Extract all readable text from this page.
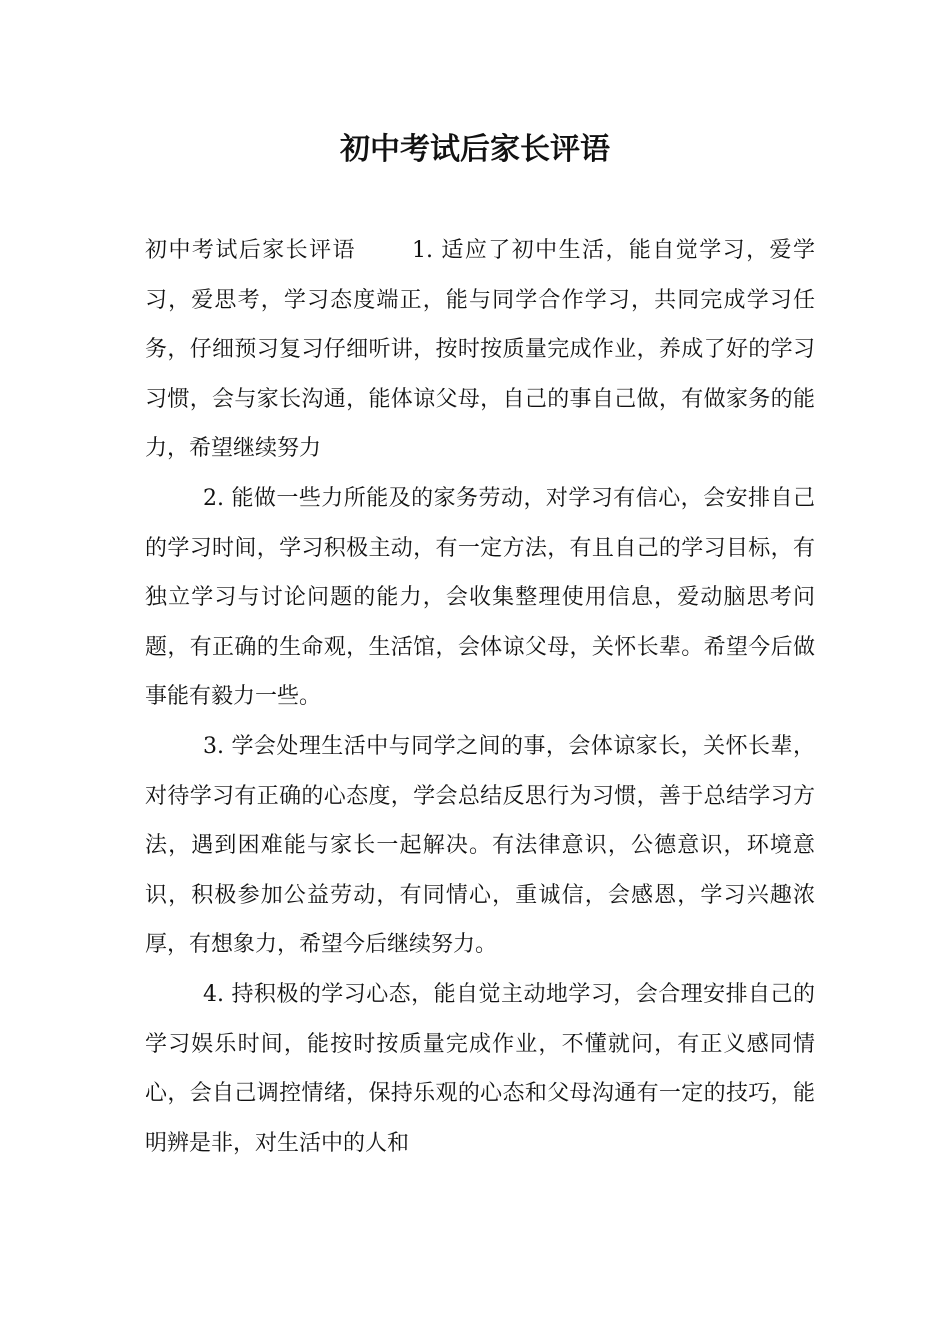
初中考试后家长评语

初中考试后家长评语	1. 适应了初中生活，能自觉学习，爱学习，爱思考，学习态度端正，能与同学合作学习，共同完成学习任务，仔细预习复习仔细听讲，按时按质量完成作业，养成了好的学习习惯，会与家长沟通，能体谅父母，自己的事自己做，有做家务的能力，希望继续努力

2. 能做一些力所能及的家务劳动，对学习有信心，会安排自己的学习时间，学习积极主动，有一定方法，有且自己的学习目标，有独立学习与讨论问题的能力，会收集整理使用信息，爱动脑思考问题，有正确的生命观，生活馆，会体谅父母，关怀长辈。希望今后做事能有毅力一些。

3. 学会处理生活中与同学之间的事，会体谅家长，关怀长辈，对待学习有正确的心态度，学会总结反思行为习惯，善于总结学习方法，遇到困难能与家长一起解决。有法律意识，公德意识，环境意识，积极参加公益劳动，有同情心，重诚信，会感恩，学习兴趣浓厚，有想象力，希望今后继续努力。

4. 持积极的学习心态，能自觉主动地学习，会合理安排自己的学习娱乐时间，能按时按质量完成作业，不懂就问，有正义感同情心，会自己调控情绪，保持乐观的心态和父母沟通有一定的技巧，能明辨是非，对生活中的人和
